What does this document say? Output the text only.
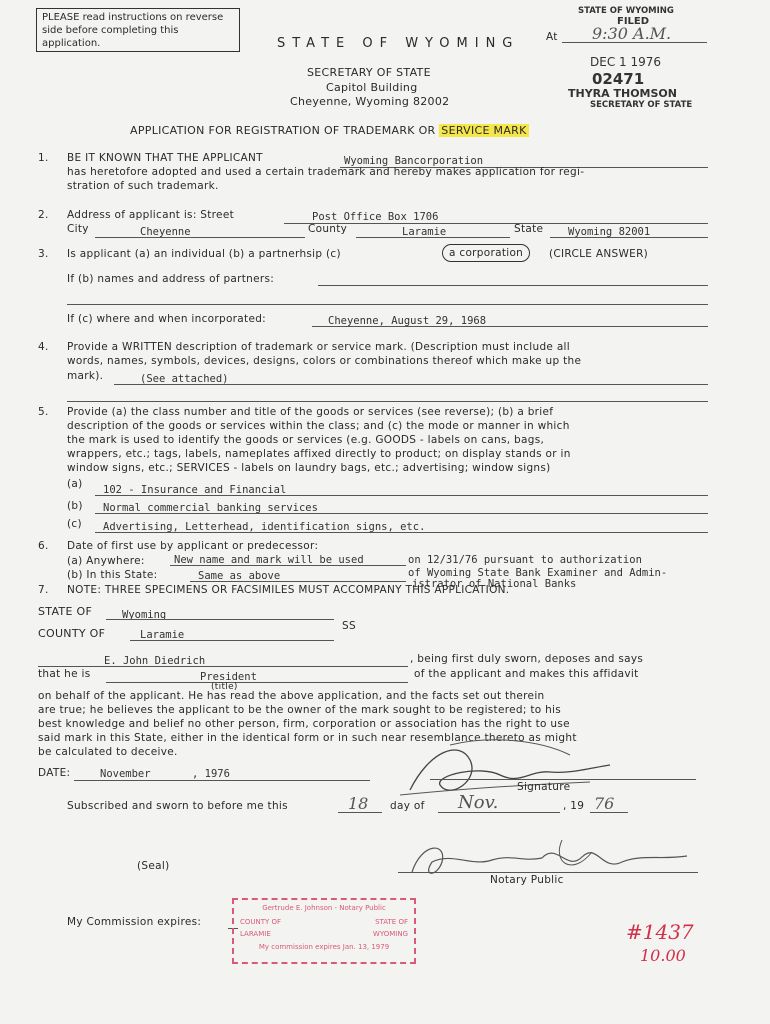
PLEASE read instructions on reverse side before completing this application.	STATE OF WYOMING
SECRETARY OF STATE
Capitol Building
Cheyenne, Wyoming 82002
STATE OF WYOMING
FILED
At 9:30 A.M.
DEC 1 1976
02471
THYRA THOMSON
SECRETARY OF STATE
APPLICATION FOR REGISTRATION OF TRADEMARK OR SERVICE MARK
1. BE IT KNOWN THAT THE APPLICANT	Wyoming Bancorporation
has heretofore adopted and used a certain trademark and hereby makes application for regi-
stration of such trademark.
2. Address of applicant is: Street	Post Office Box 1706
City	Cheyenne	County	Laramie	State Wyoming 82001
3. Is applicant (a) an individual (b) a partnerhsip (c)	a corporation	(CIRCLE ANSWER)
If (b) names and address of partners:
If (c) where and when incorporated:	Cheyenne, August 29, 1968
4. Provide a WRITTEN description of trademark or service mark. (Description must include all
words, names, symbols, devices, designs, colors or combinations thereof which make up the
mark).	(See attached)
5. Provide (a) the class number and title of the goods or services (see reverse); (b) a brief
description of the goods or services within the class; and (c) the mode or manner in which
the mark is used to identify the goods or services (e.g. GOODS - labels on cans, bags,
wrappers, etc.; tags, labels, nameplates affixed directly to product; on display stands or in
window signs, etc.; SERVICES - labels on laundry bags, etc.; advertising; window signs)
(a) 102 - Insurance and Financial
(b) Normal commercial banking services
(c) Advertising, Letterhead, identification signs, etc.
6. Date of first use by applicant or predecessor:
(a) Anywhere:	New name and mark will be used	on 12/31/76 pursuant to authorization
(b) In this State:	Same as above	of Wyoming State Bank Examiner and Admin-
istrator of National Banks
7. NOTE: THREE SPECIMENS OR FACSIMILES MUST ACCOMPANY THIS APPLICATION.
STATE OF	Wyoming
SS
COUNTY OF	Laramie
E. John Diedrich	, being first duly sworn, deposes and says
that he is	President
(title)
of the applicant and makes this affidavit
on behalf of the applicant. He has read the above application, and the facts set out therein
are true; he believes the applicant to be the owner of the mark sought to be registered; to his
best knowledge and belief no other person, firm, corporation or association has the right to use
said mark in this State, either in the identical form or in such near resemblance thereto as might
be calculated to deceive.
DATE:	November	, 1976
Signature
Subscribed and sworn to before me this	18 day of Nov.	, 19 76
(Seal)
Notary Public
My Commission expires:
Gertrude E. Johnson - Notary Public
COUNTY OF	STATE OF
LARAMIE	WYOMING
My commission expires Jan. 13, 1979
#1437
10.00
